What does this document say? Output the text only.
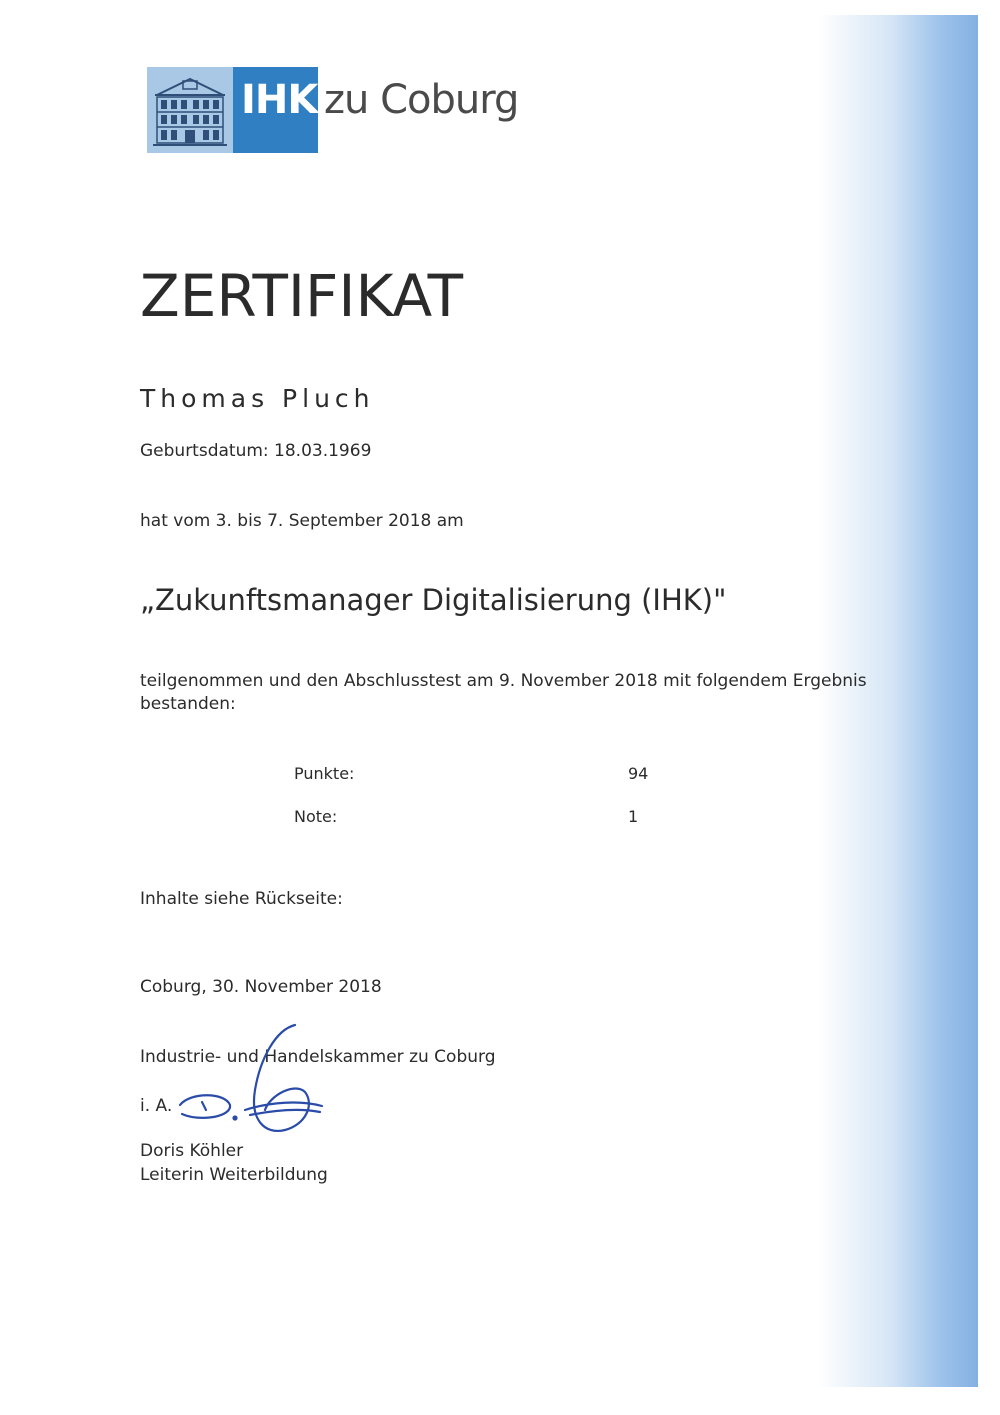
IHK zu Coburg
ZERTIFIKAT
Thomas Pluch
Geburtsdatum: 18.03.1969
hat vom 3. bis 7. September 2018 am
„Zukunftsmanager Digitalisierung (IHK)"
teilgenommen und den Abschlusstest am 9. November 2018 mit folgendem Ergebnis
bestanden:
Punkte:	94
Note:	1
Inhalte siehe Rückseite:
Coburg, 30. November 2018
Industrie- und Handelskammer zu Coburg
i. A.
Doris Köhler
Leiterin Weiterbildung
